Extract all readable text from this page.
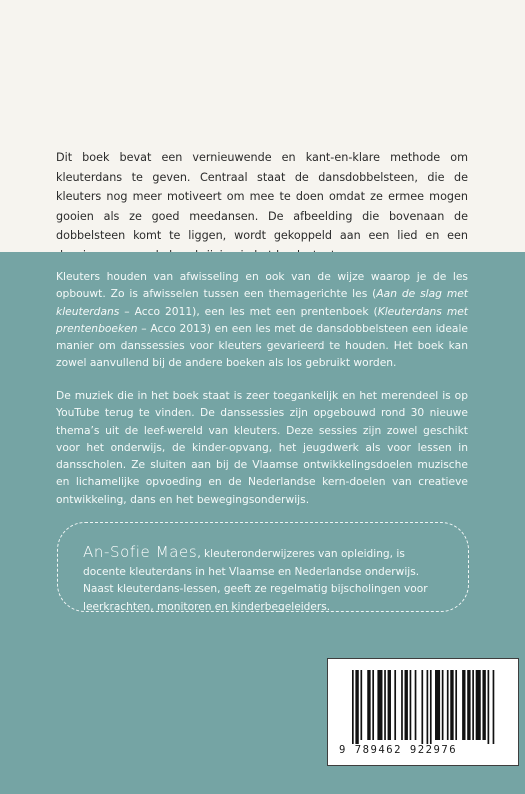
Dit boek bevat een vernieuwende en kant-en-klare methode om kleuterdans te geven. Centraal staat de dansdobbelsteen, die de kleuters nog meer motiveert om mee te doen omdat ze ermee mogen gooien als ze goed meedansen. De afbeelding die bovenaan de dobbelsteen komt te liggen, wordt gekoppeld aan een lied en een

Kleuters houden van afwisseling en ook van de wijze waarop je de les opbouwt. Zo is afwisselen tussen een themagerichte les (Aan de slag met kleuterdans – Acco 2011), een les met een prentenboek (Kleuterdans met prentenboeken – Acco 2013) en een les met de dansdobbelsteen een ideale manier om danssessies voor kleuters gevarieerd te houden. Het boek kan zowel aanvullend bij de andere boeken als los gebruikt worden.

De muziek die in het boek staat is zeer toegankelijk en het merendeel is op YouTube terug te vinden. De danssessies zijn opgebouwd rond 30 nieuwe thema’s uit de leef-wereld van kleuters. Deze sessies zijn zowel geschikt voor het onderwijs, de kinder-opvang, het jeugdwerk als voor lessen in dansscholen. Ze sluiten aan bij de Vlaamse ontwikkelingsdoelen muzische en lichamelijke opvoeding en de Nederlandse kern-doelen van creatieve ontwikkeling, dans en het bewegingsonderwijs.

An-Sofie Maes, kleuteronderwijzeres van opleiding, is docente kleuterdans in het Vlaamse en Nederlandse onderwijs. Naast kleuterdans-lessen, geeft ze regelmatig bijscholingen voor leerkrachten, monitoren en kinderbegeleiders.

9 789462 922976
